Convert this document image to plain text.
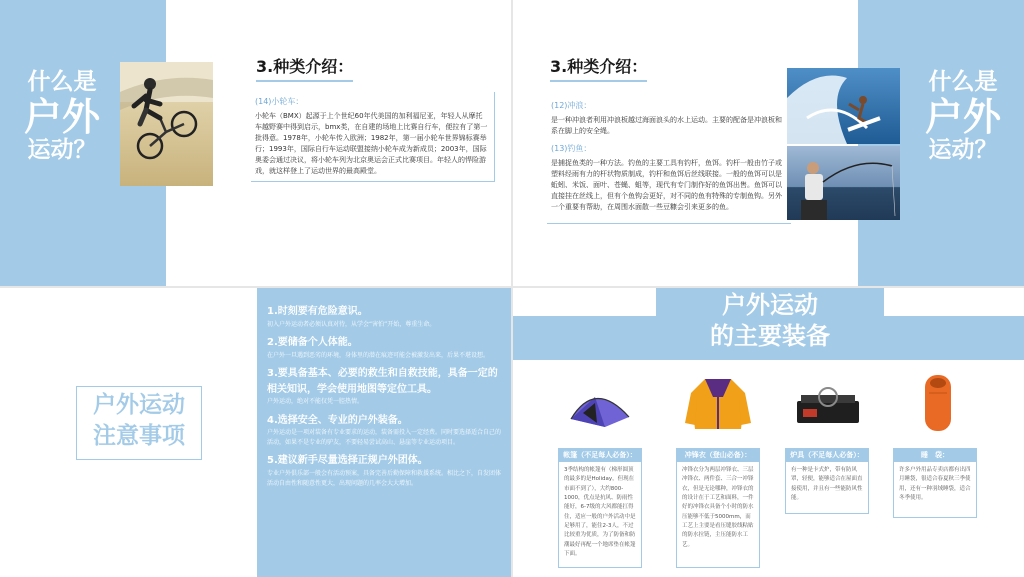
什么是
户外
运动？
3.种类介绍：
(14)小轮车：
小轮车（BMX）起源于上个世纪60年代美国的加利福尼亚，年轻人从摩托车越野赛中得到启示，bmx类，在自建的场地上比赛自行车，便拉有了第一批得意。1978年，小轮车传入欧洲；1982年，第一届小轮车世界锦标赛举行；1993年，国际自行车运动联盟接纳小轮车成为新成员；2003年，国际奥委会通过决议，将小轮车列为北京奥运会正式比赛项目。年轻人的悍险游戏，就这样登上了运动世界的最高殿堂。
什么是
户外
运动？
3.种类介绍：
(12)冲浪：
是一种冲浪者利用冲浪板越过海面浪头的水上运动。主要的配备是冲浪板和系在脚上的安全绳。
(13)钓鱼：
是捕捉鱼类的一种方法。钓鱼的主要工具有钓杆，鱼饵。钓杆一般由竹子或塑料经雨有力的杆状物质制成，钓杆和鱼饵后丝线联接。一般的鱼饵可以是蚯蚓、米饭、面叶、苍蝇、蛆等，现代有专门制作好的鱼饵出售。鱼饵可以直接挂在丝线上，但有个鱼钩会更好，对不同的鱼有特殊的专制鱼钩。另外一个重要有帮助，在周围水面散一些豆糠会引来更多的鱼。
户外运动
注意事项
1.时刻要有危险意识。
初入户外运动者必须认真对待，从学会“害怕”开始，尊重生命。
2.要储备个人体能。
在户外一旦遇到恶劣的环境，身体里的潜在痕迹可能会被激发出来，后果不堪设想。
3.要具备基本、必要的救生和自救技能，具备一定的相关知识，学会使用地图等定位工具。
户外运动，绝对不能仅凭一腔热情。
4.选择安全、专业的户外装备。
户外运动是一项对装备有专业要求的运动，装备需投入一定经费。同时要选择适合自己的活动，如果不是专业的驴友，不要轻易尝试高山、悬崖等专业运动项目。
5.建议新手尽量选择正规户外团体。
专业户外俱乐部一般会有活动预案，具备完善后勤保障和救援系统。相比之下，自发团体活动自由性和随意性更大，出现问题的几率会大大增加。
户外运动
的主要装备
帐篷（不足每人必备）：
3季结构的帐篷有（梯形圆顶的最多的是Holiday，但现在市面不到了），大约800-1000，优点是抗风、防雨性能好，6-7级的大风都能扛得住，适应一般的户外活动中是足够用了，能住2-3人，不过比较重为优质，为了防备和防潮最好再配一个地席垫在帐篷下面。
冲锋衣（登山必备）：
冲锋衣分为两层冲锋衣、三层冲锋衣、两件套、三合一冲锋衣，但是无论哪种，冲锋衣的的设计在于工艺和面料，一件好的冲锋衣具备个小时的防水压能够不低于5000mm，而工艺上主要是看压缝胶线粘贴的防水拉链，主压能防水工艺。
炉具（不足每人必备）：
有一种是卡式炉，带有防风罩，轻便，能够适合在屋面直接使用，并且有一些能防风性能。
睡　袋：
许多户外用品专卖店都有出四月睡袋，很适合春夏秋三季使用，还有一种羽绒睡袋，适合冬季使用。
